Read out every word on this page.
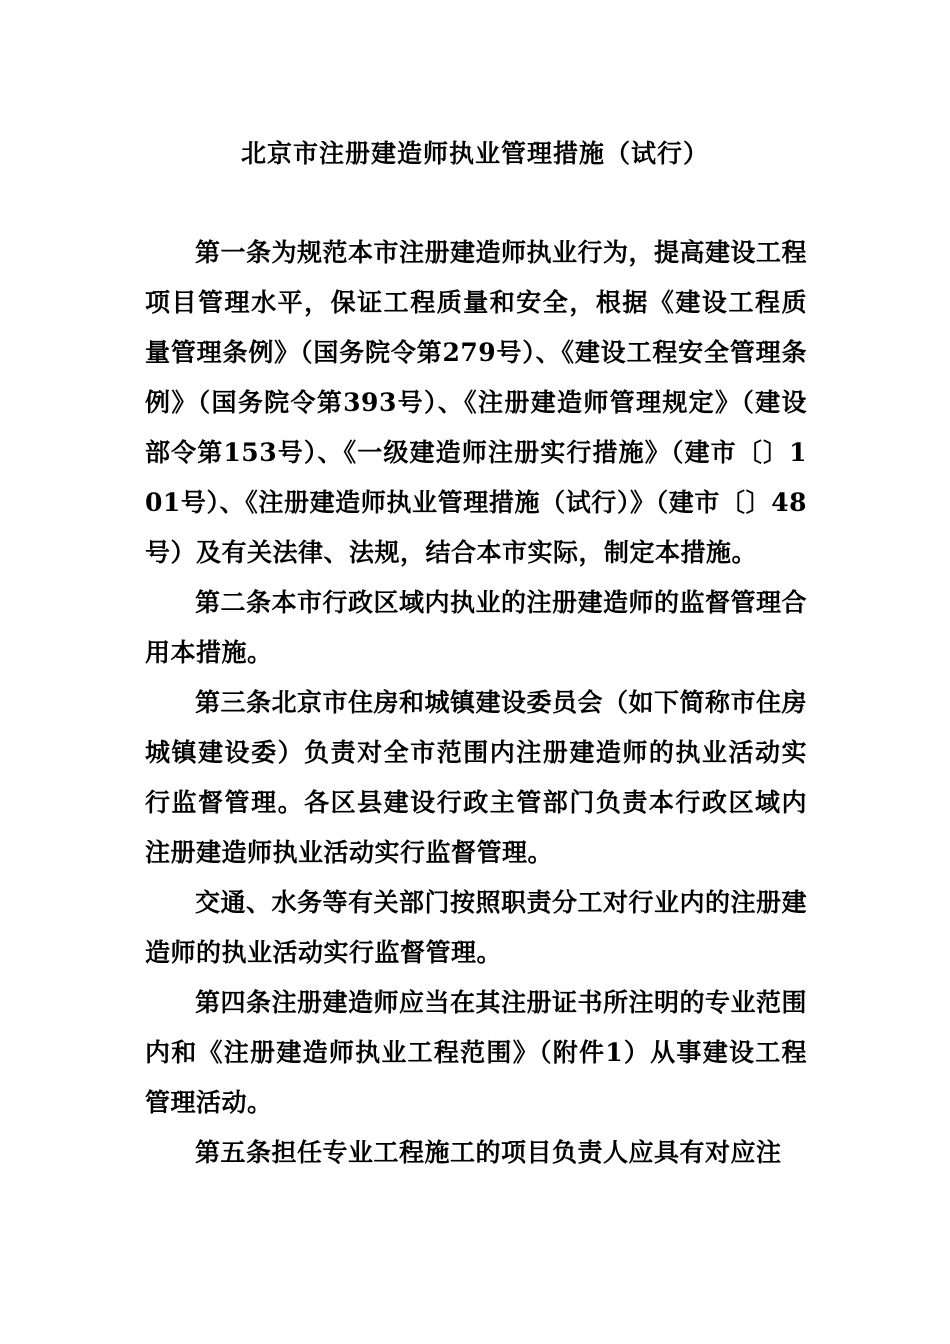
北京市注册建造师执业管理措施（试行）

第一条为规范本市注册建造师执业行为，提高建设工程项目管理水平，保证工程质量和安全，根据《建设工程质量管理条例》（国务院令第279号）、《建设工程安全管理条例》（国务院令第393号）、《注册建造师管理规定》（建设部令第153号）、《一级建造师注册实行措施》（建市〔〕101号）、《注册建造师执业管理措施（试行）》（建市〔〕48号）及有关法律、法规，结合本市实际，制定本措施。

第二条本市行政区域内执业的注册建造师的监督管理合用本措施。

第三条北京市住房和城镇建设委员会（如下简称市住房城镇建设委）负责对全市范围内注册建造师的执业活动实行监督管理。各区县建设行政主管部门负责本行政区域内注册建造师执业活动实行监督管理。

交通、水务等有关部门按照职责分工对行业内的注册建造师的执业活动实行监督管理。

第四条注册建造师应当在其注册证书所注明的专业范围内和《注册建造师执业工程范围》（附件1）从事建设工程管理活动。

第五条担任专业工程施工的项目负责人应具有对应注
